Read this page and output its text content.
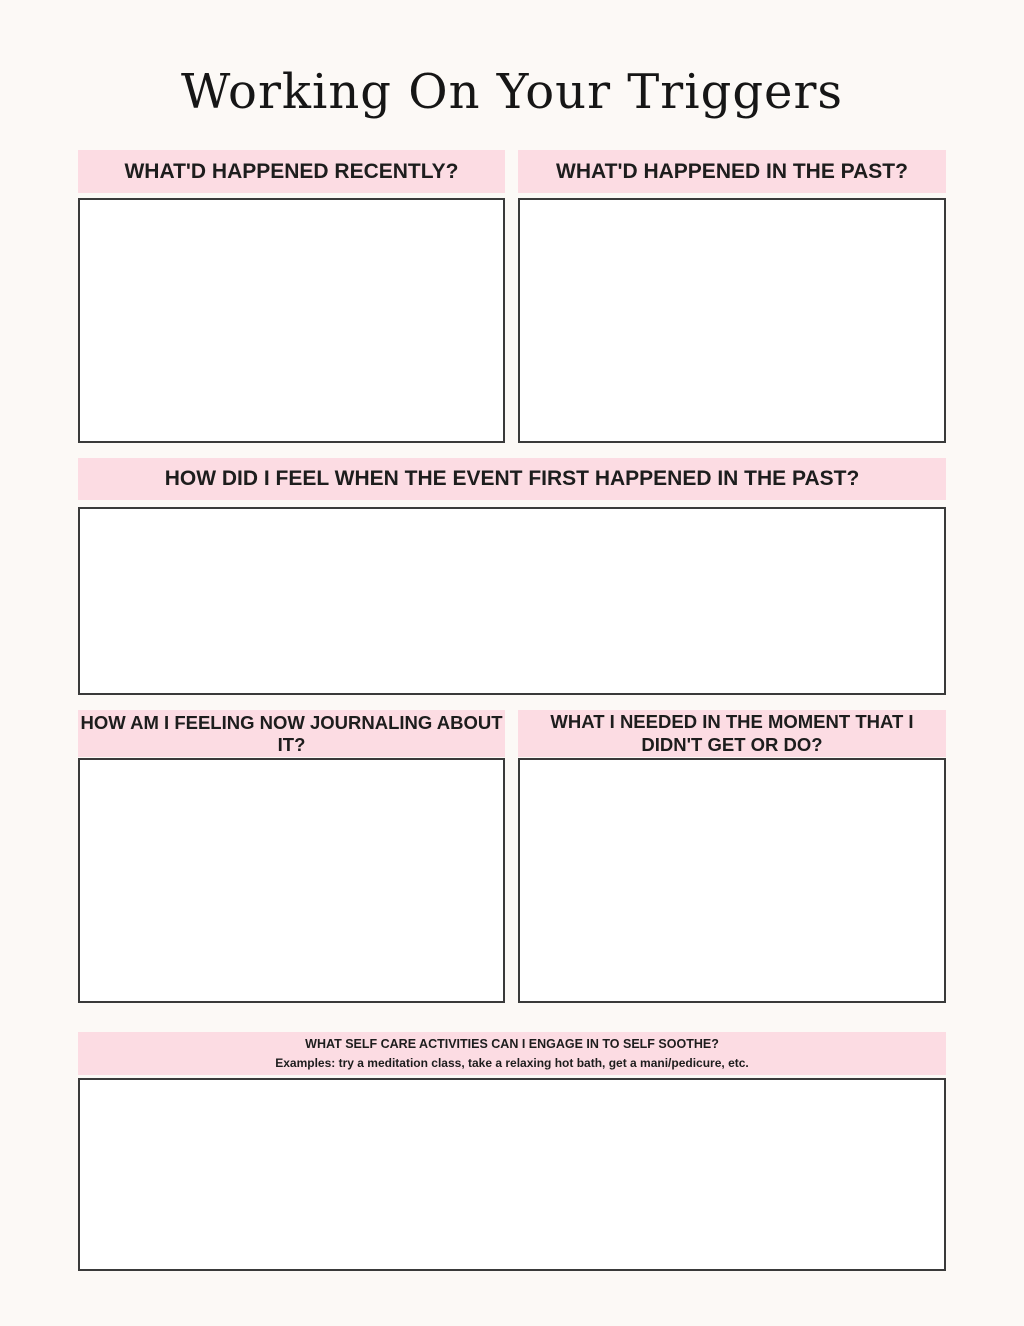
Working On Your Triggers
WHAT'D HAPPENED RECENTLY?	WHAT'D HAPPENED IN THE PAST?
HOW DID I FEEL WHEN THE EVENT FIRST HAPPENED IN THE PAST?
HOW AM I FEELING NOW JOURNALING ABOUT IT?
WHAT I NEEDED IN THE MOMENT THAT I DIDN'T GET OR DO?
WHAT SELF CARE ACTIVITIES CAN I ENGAGE IN TO SELF SOOTHE?
Examples: try a meditation class, take a relaxing hot bath, get a mani/pedicure, etc.
